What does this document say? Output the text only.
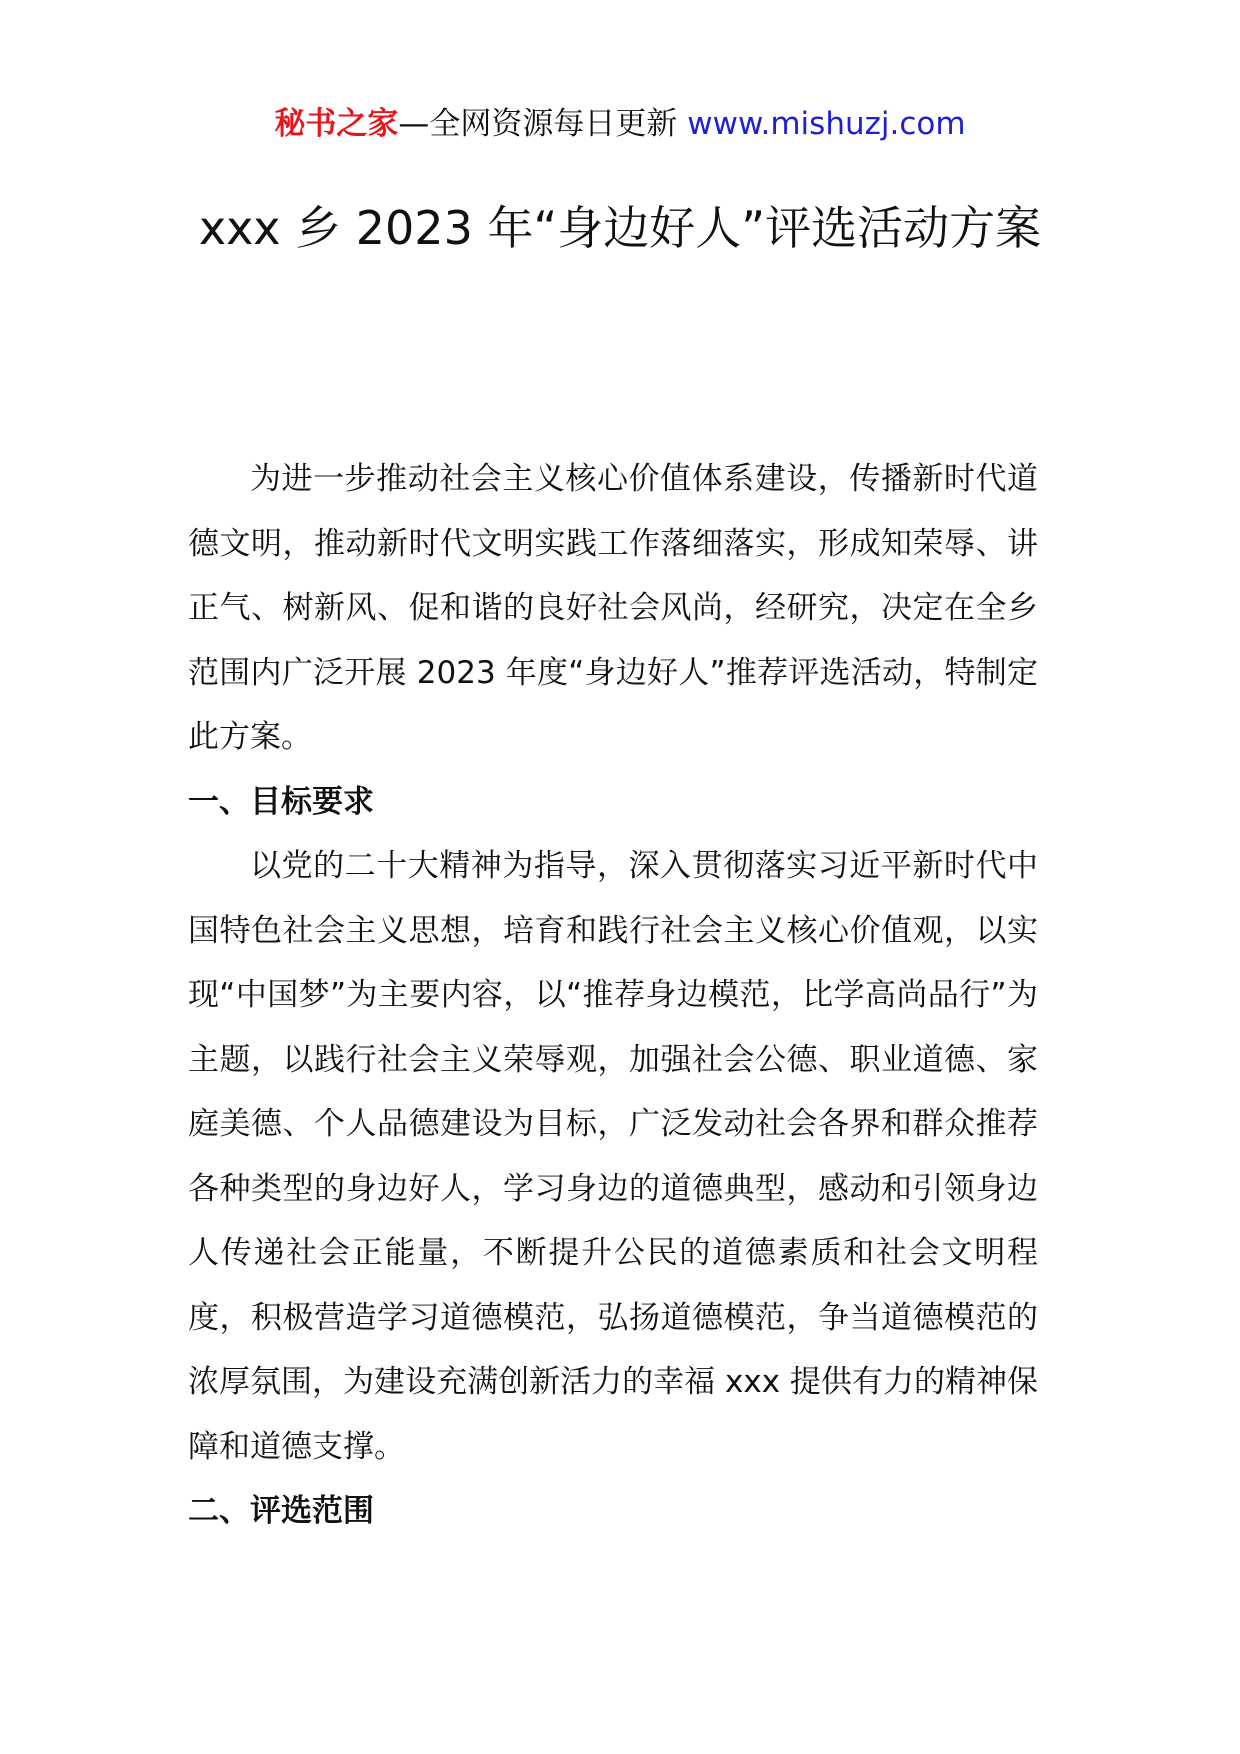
秘书之家—全网资源每日更新 www.mishuzj.com
xxx 乡 2023 年“身边好人”评选活动方案

为进一步推动社会主义核心价值体系建设，传播新时代道德文明，推动新时代文明实践工作落细落实，形成知荣辱、讲正气、树新风、促和谐的良好社会风尚，经研究，决定在全乡范围内广泛开展 2023 年度“身边好人”推荐评选活动，特制定此方案。

一、目标要求

以党的二十大精神为指导，深入贯彻落实习近平新时代中国特色社会主义思想，培育和践行社会主义核心价值观，以实现“中国梦”为主要内容，以“推荐身边模范，比学高尚品行”为主题，以践行社会主义荣辱观，加强社会公德、职业道德、家庭美德、个人品德建设为目标，广泛发动社会各界和群众推荐各种类型的身边好人，学习身边的道德典型，感动和引领身边人传递社会正能量，不断提升公民的道德素质和社会文明程度，积极营造学习道德模范，弘扬道德模范，争当道德模范的浓厚氛围，为建设充满创新活力的幸福 xxx 提供有力的精神保障和道德支撑。

二、评选范围
